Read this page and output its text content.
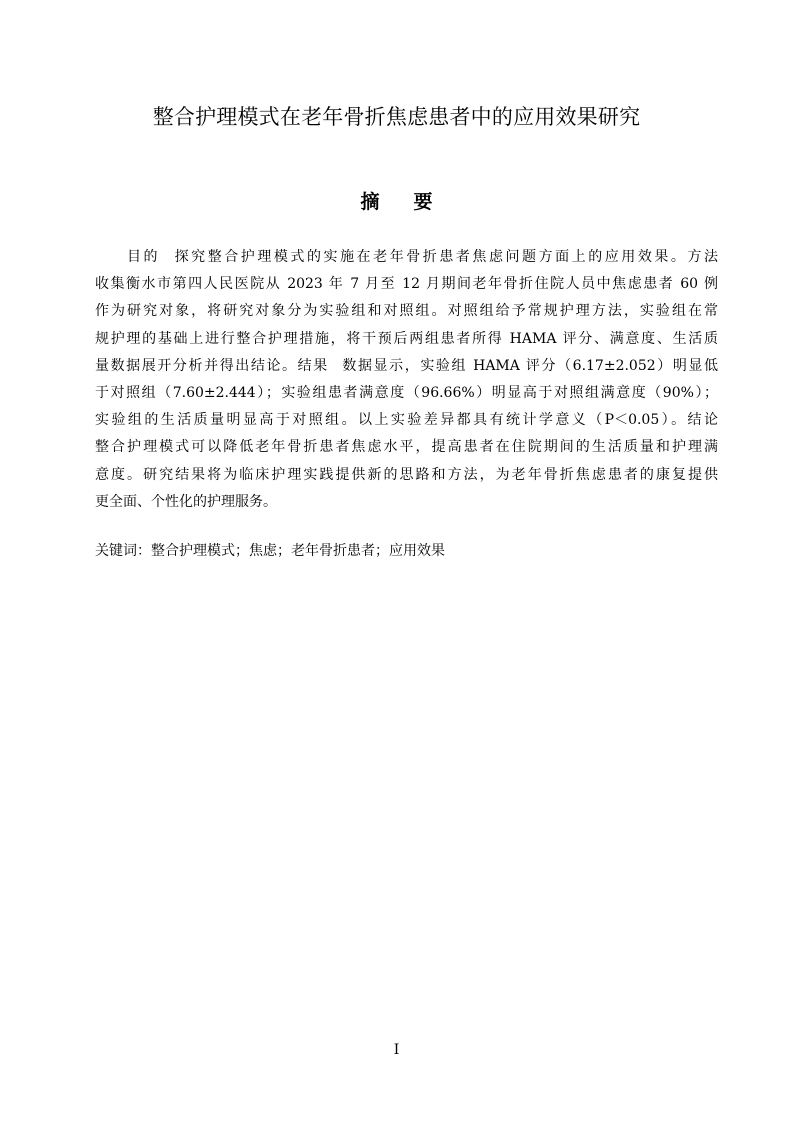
整合护理模式在老年骨折焦虑患者中的应用效果研究
摘 要
目的 探究整合护理模式的实施在老年骨折患者焦虑问题方面上的应用效果。方法
收集衡水市第四人民医院从 2023 年 7 月至 12 月期间老年骨折住院人员中焦虑患者 60 例
作为研究对象，将研究对象分为实验组和对照组。对照组给予常规护理方法，实验组在常
规护理的基础上进行整合护理措施，将干预后两组患者所得 HAMA 评分、满意度、生活质
量数据展开分析并得出结论。结果 数据显示，实验组 HAMA 评分（6.17±2.052）明显低
于对照组（7.60±2.444）；实验组患者满意度（96.66%）明显高于对照组满意度（90%）；
实验组的生活质量明显高于对照组。以上实验差异都具有统计学意义（P＜0.05）。结论
整合护理模式可以降低老年骨折患者焦虑水平，提高患者在住院期间的生活质量和护理满
意度。研究结果将为临床护理实践提供新的思路和方法，为老年骨折焦虑患者的康复提供
更全面、个性化的护理服务。
关键词：整合护理模式；焦虑；老年骨折患者；应用效果
I
